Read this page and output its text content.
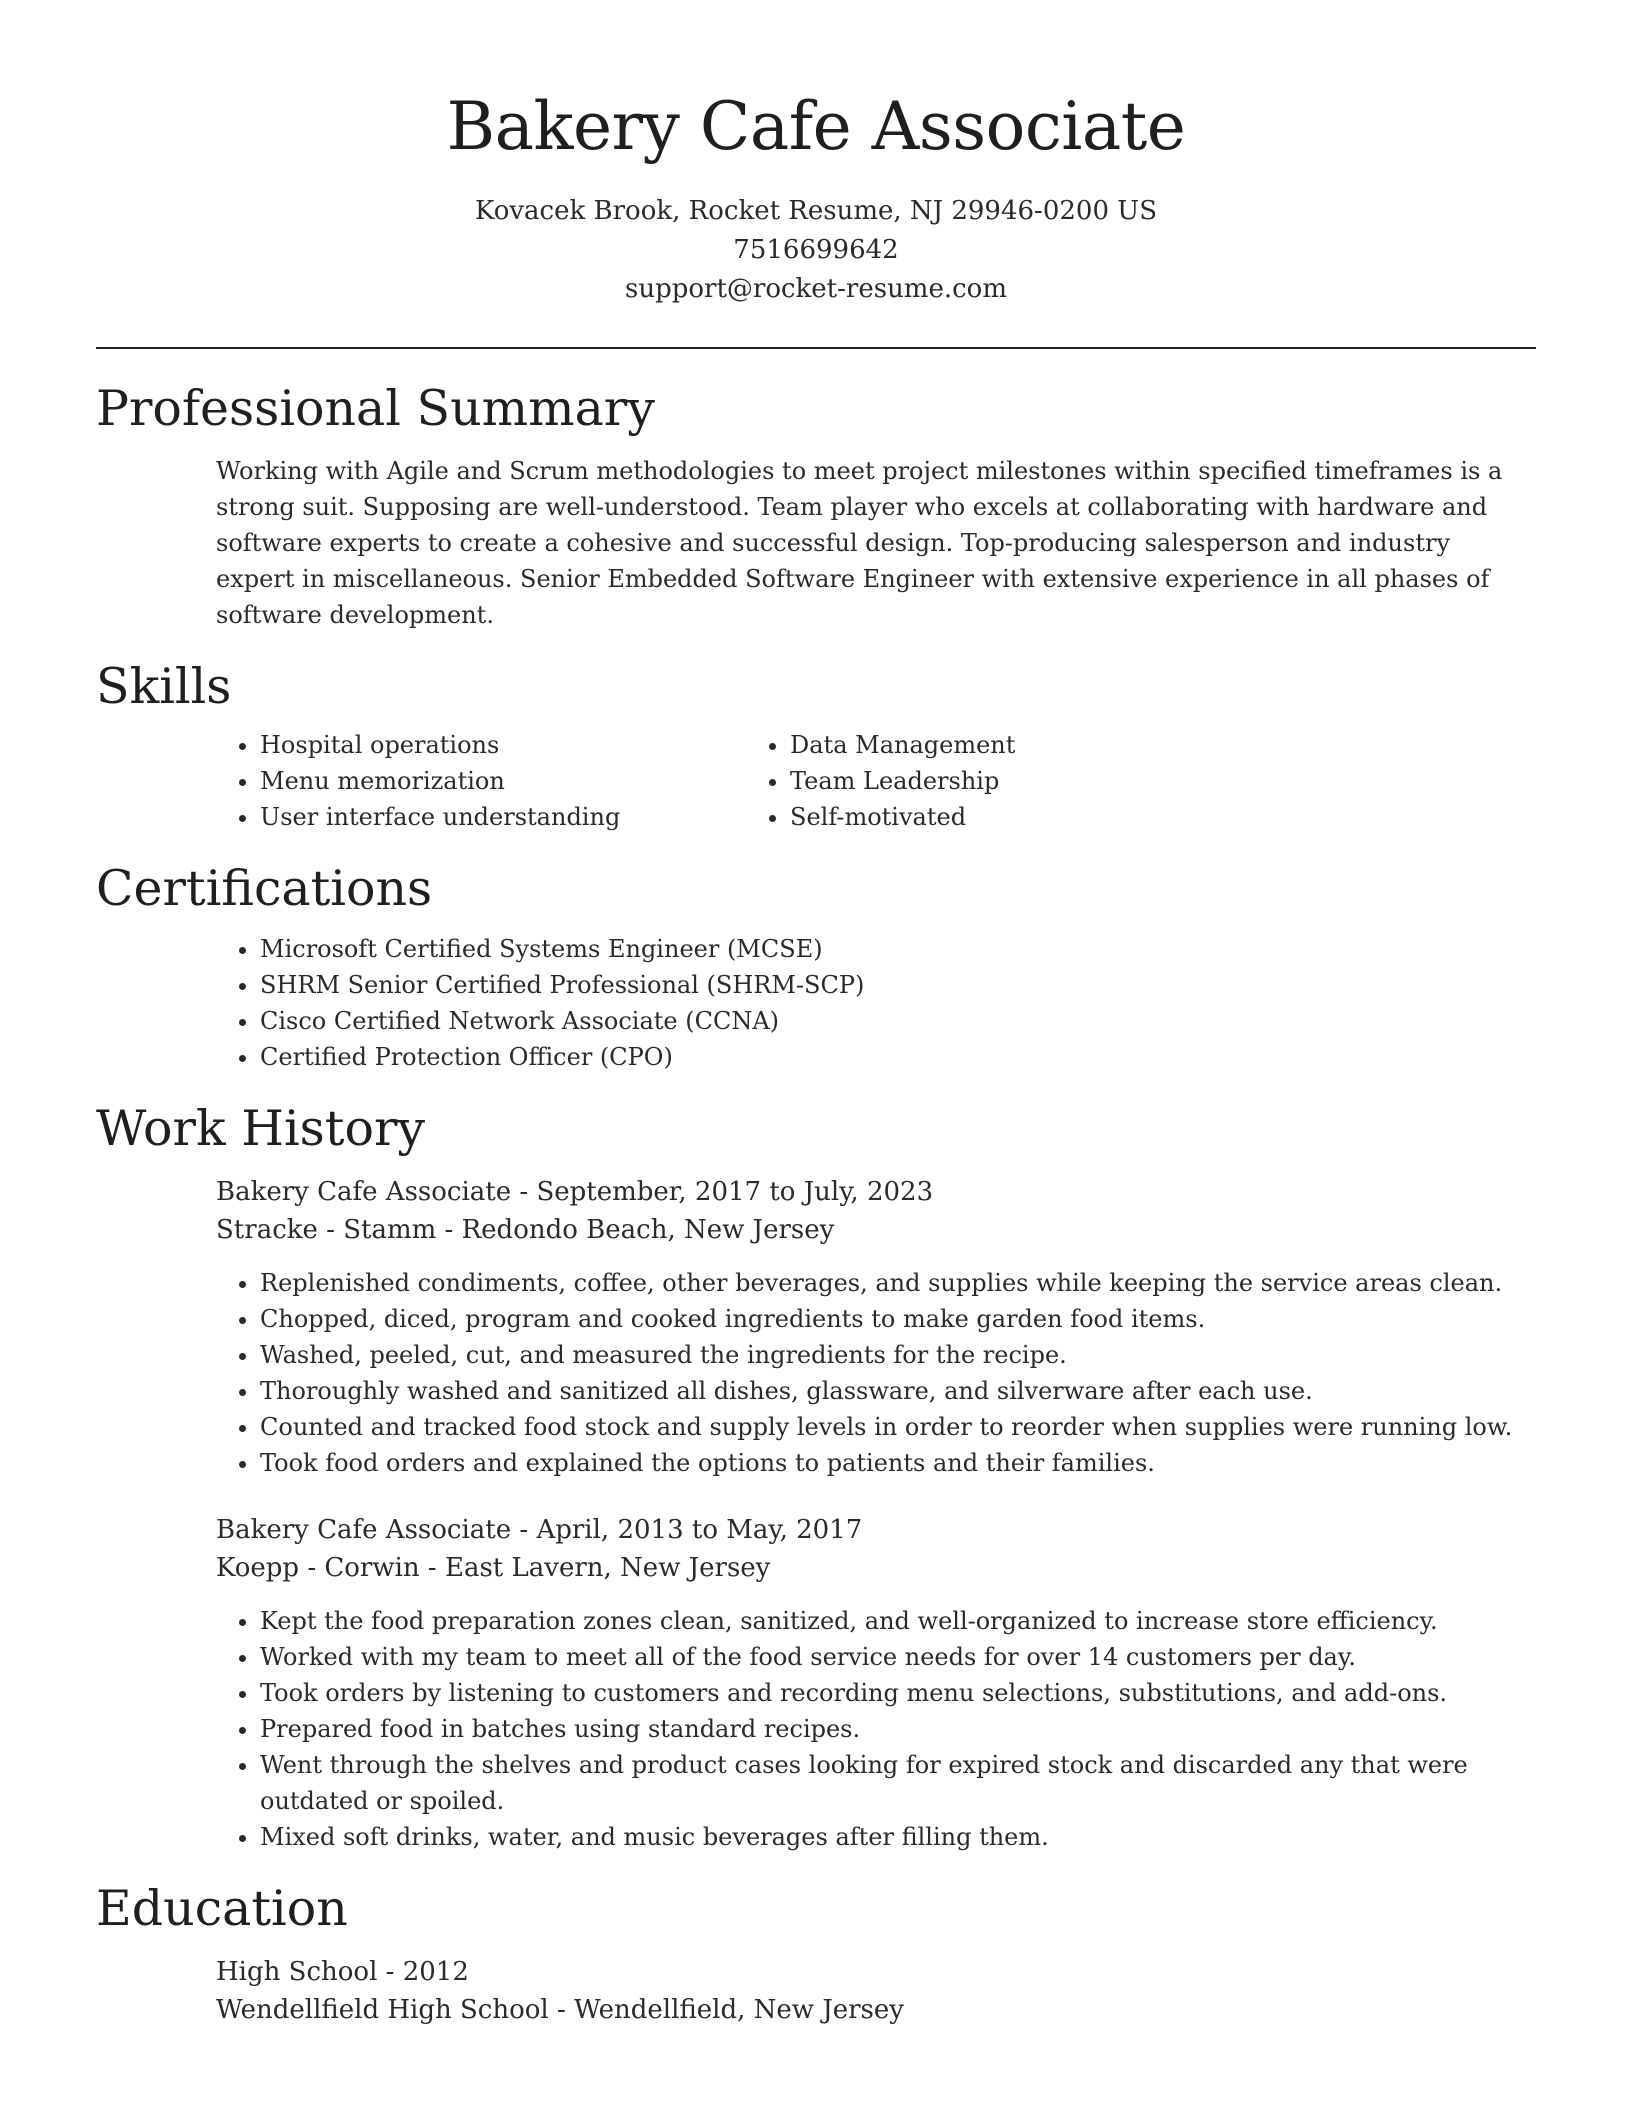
Bakery Cafe Associate
Kovacek Brook, Rocket Resume, NJ 29946-0200 US
7516699642
support@rocket-resume.com
Professional Summary

Working with Agile and Scrum methodologies to meet project milestones within specified timeframes is a strong suit. Supposing are well-understood. Team player who excels at collaborating with hardware and software experts to create a cohesive and successful design. Top-producing salesperson and industry expert in miscellaneous. Senior Embedded Software Engineer with extensive experience in all phases of software development.

Skills
• Hospital operations
• Menu memorization
• User interface understanding
• Data Management
• Team Leadership
• Self-motivated
Certifications
• Microsoft Certified Systems Engineer (MCSE)
• SHRM Senior Certified Professional (SHRM-SCP)
• Cisco Certified Network Associate (CCNA)
• Certified Protection Officer (CPO)
Work History
Bakery Cafe Associate - September, 2017 to July, 2023
Stracke - Stamm - Redondo Beach, New Jersey
• Replenished condiments, coffee, other beverages, and supplies while keeping the service areas clean.
• Chopped, diced, program and cooked ingredients to make garden food items.
• Washed, peeled, cut, and measured the ingredients for the recipe.
• Thoroughly washed and sanitized all dishes, glassware, and silverware after each use.
• Counted and tracked food stock and supply levels in order to reorder when supplies were running low.
• Took food orders and explained the options to patients and their families.
Bakery Cafe Associate - April, 2013 to May, 2017
Koepp - Corwin - East Lavern, New Jersey
• Kept the food preparation zones clean, sanitized, and well-organized to increase store efficiency.
• Worked with my team to meet all of the food service needs for over 14 customers per day.
• Took orders by listening to customers and recording menu selections, substitutions, and add-ons.
• Prepared food in batches using standard recipes.
• Went through the shelves and product cases looking for expired stock and discarded any that were outdated or spoiled.
• Mixed soft drinks, water, and music beverages after filling them.
Education
High School - 2012
Wendellfield High School - Wendellfield, New Jersey
